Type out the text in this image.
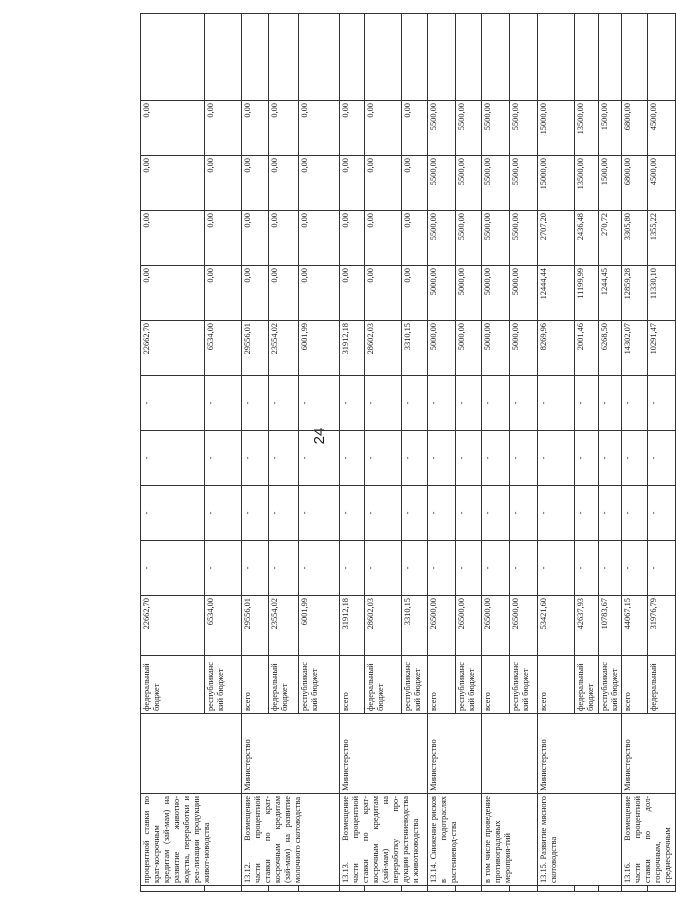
24
	процентной ставки по крат-косрочным кредитам (зай-мам) на развитие животно-водства, переработки и реа-лизации продукции живот-новодства		федеральный бюджет	22662,70	-	-	-	-	22662,70	0,00	0,00	0,00	0,00	
			республиканский бюджет	6534,00	-	-	-	-	6534,00	0,00	0,00	0,00	0,00	
	13.12. Возмещение части процентной ставки по крат-косрочным кредитам (зай-мам) на развитие молочного скотоводства	Министерство	всего	29556,01	-	-	-	-	29556,01	0,00	0,00	0,00	0,00	
			федеральный бюджет	23554,02	-	-	-	-	23554,02	0,00	0,00	0,00	0,00	
			республиканский бюджет	6001,99	-	-	-	-	6001,99	0,00	0,00	0,00	0,00	
	13.13. Возмещение части процентной ставки по крат-косрочным кредитам (зай-мам) на переработку про-дукции растениеводства и животноводства	Министерство	всего	31912,18	-	-	-	-	31912,18	0,00	0,00	0,00	0,00	
			федеральный бюджет	28602,03	-	-	-	-	28602,03	0,00	0,00	0,00	0,00	
			республиканский бюджет	3310,15	-	-	-	-	3310,15	0,00	0,00	0,00	0,00	
	13.14. Снижение рисков в подотраслях растениевод-ства	Министерство	всего	26500,00	-	-	-	-	5000,00	5000,00	5500,00	5500,00	5500,00	
			республиканский бюджет	26500,00	-	-	-	-	5000,00	5000,00	5500,00	5500,00	5500,00	
	в том числе проведение противоградовых мероприя-тий		всего	26500,00	-	-	-	-	5000,00	5000,00	5500,00	5500,00	5500,00	
			республиканский бюджет	26500,00	-	-	-	-	5000,00	5000,00	5500,00	5500,00	5500,00	
	13.15. Развитие мясного скотоводства	Министерство	всего	53421,60	-	-	-	-	8269,96	12444,44	2707,20	15000,00	15000,00	
			федеральный бюджет	42637,93	-	-	-	-	2001,46	11199,99	2436,48	13500,00	13500,00	
			республиканский бюджет	10783,67	-	-	-	-	6268,50	1244,45	270,72	1500,00	1500,00	
	13.16. Возмещение части процентной ставки по дол-госрочным, среднесрочным	Министерство	всего	44067,15	-	-	-	-	14302,07	12859,28	3305,80	6800,00	6800,00	
			федеральный	31976,79	-	-	-	-	10291,47	11330,10	1355,22	4500,00	4500,00	
